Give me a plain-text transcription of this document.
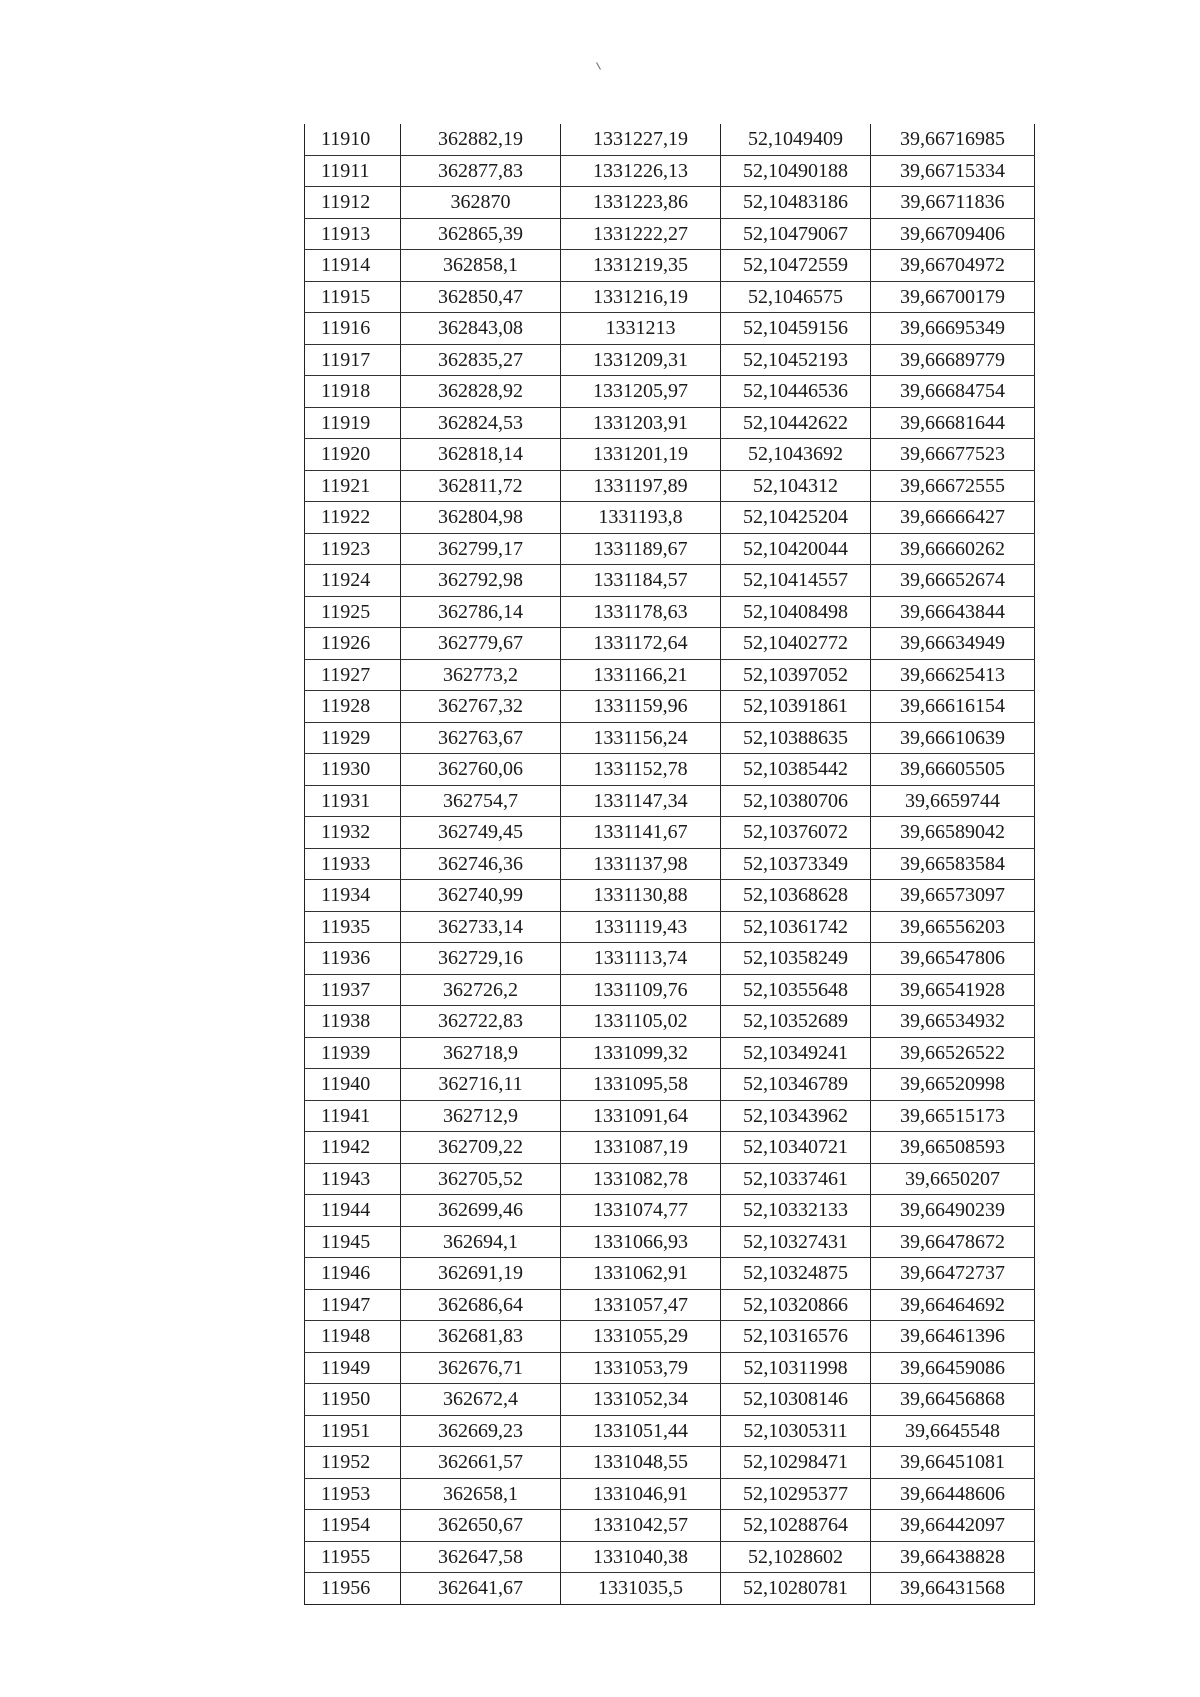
11910	362882,19	1331227,19	52,1049409	39,66716985
11911	362877,83	1331226,13	52,10490188	39,66715334
11912	362870	1331223,86	52,10483186	39,66711836
11913	362865,39	1331222,27	52,10479067	39,66709406
11914	362858,1	1331219,35	52,10472559	39,66704972
11915	362850,47	1331216,19	52,1046575	39,66700179
11916	362843,08	1331213	52,10459156	39,66695349
11917	362835,27	1331209,31	52,10452193	39,66689779
11918	362828,92	1331205,97	52,10446536	39,66684754
11919	362824,53	1331203,91	52,10442622	39,66681644
11920	362818,14	1331201,19	52,1043692	39,66677523
11921	362811,72	1331197,89	52,104312	39,66672555
11922	362804,98	1331193,8	52,10425204	39,66666427
11923	362799,17	1331189,67	52,10420044	39,66660262
11924	362792,98	1331184,57	52,10414557	39,66652674
11925	362786,14	1331178,63	52,10408498	39,66643844
11926	362779,67	1331172,64	52,10402772	39,66634949
11927	362773,2	1331166,21	52,10397052	39,66625413
11928	362767,32	1331159,96	52,10391861	39,66616154
11929	362763,67	1331156,24	52,10388635	39,66610639
11930	362760,06	1331152,78	52,10385442	39,66605505
11931	362754,7	1331147,34	52,10380706	39,6659744
11932	362749,45	1331141,67	52,10376072	39,66589042
11933	362746,36	1331137,98	52,10373349	39,66583584
11934	362740,99	1331130,88	52,10368628	39,66573097
11935	362733,14	1331119,43	52,10361742	39,66556203
11936	362729,16	1331113,74	52,10358249	39,66547806
11937	362726,2	1331109,76	52,10355648	39,66541928
11938	362722,83	1331105,02	52,10352689	39,66534932
11939	362718,9	1331099,32	52,10349241	39,66526522
11940	362716,11	1331095,58	52,10346789	39,66520998
11941	362712,9	1331091,64	52,10343962	39,66515173
11942	362709,22	1331087,19	52,10340721	39,66508593
11943	362705,52	1331082,78	52,10337461	39,6650207
11944	362699,46	1331074,77	52,10332133	39,66490239
11945	362694,1	1331066,93	52,10327431	39,66478672
11946	362691,19	1331062,91	52,10324875	39,66472737
11947	362686,64	1331057,47	52,10320866	39,66464692
11948	362681,83	1331055,29	52,10316576	39,66461396
11949	362676,71	1331053,79	52,10311998	39,66459086
11950	362672,4	1331052,34	52,10308146	39,66456868
11951	362669,23	1331051,44	52,10305311	39,6645548
11952	362661,57	1331048,55	52,10298471	39,66451081
11953	362658,1	1331046,91	52,10295377	39,66448606
11954	362650,67	1331042,57	52,10288764	39,66442097
11955	362647,58	1331040,38	52,1028602	39,66438828
11956	362641,67	1331035,5	52,10280781	39,66431568
